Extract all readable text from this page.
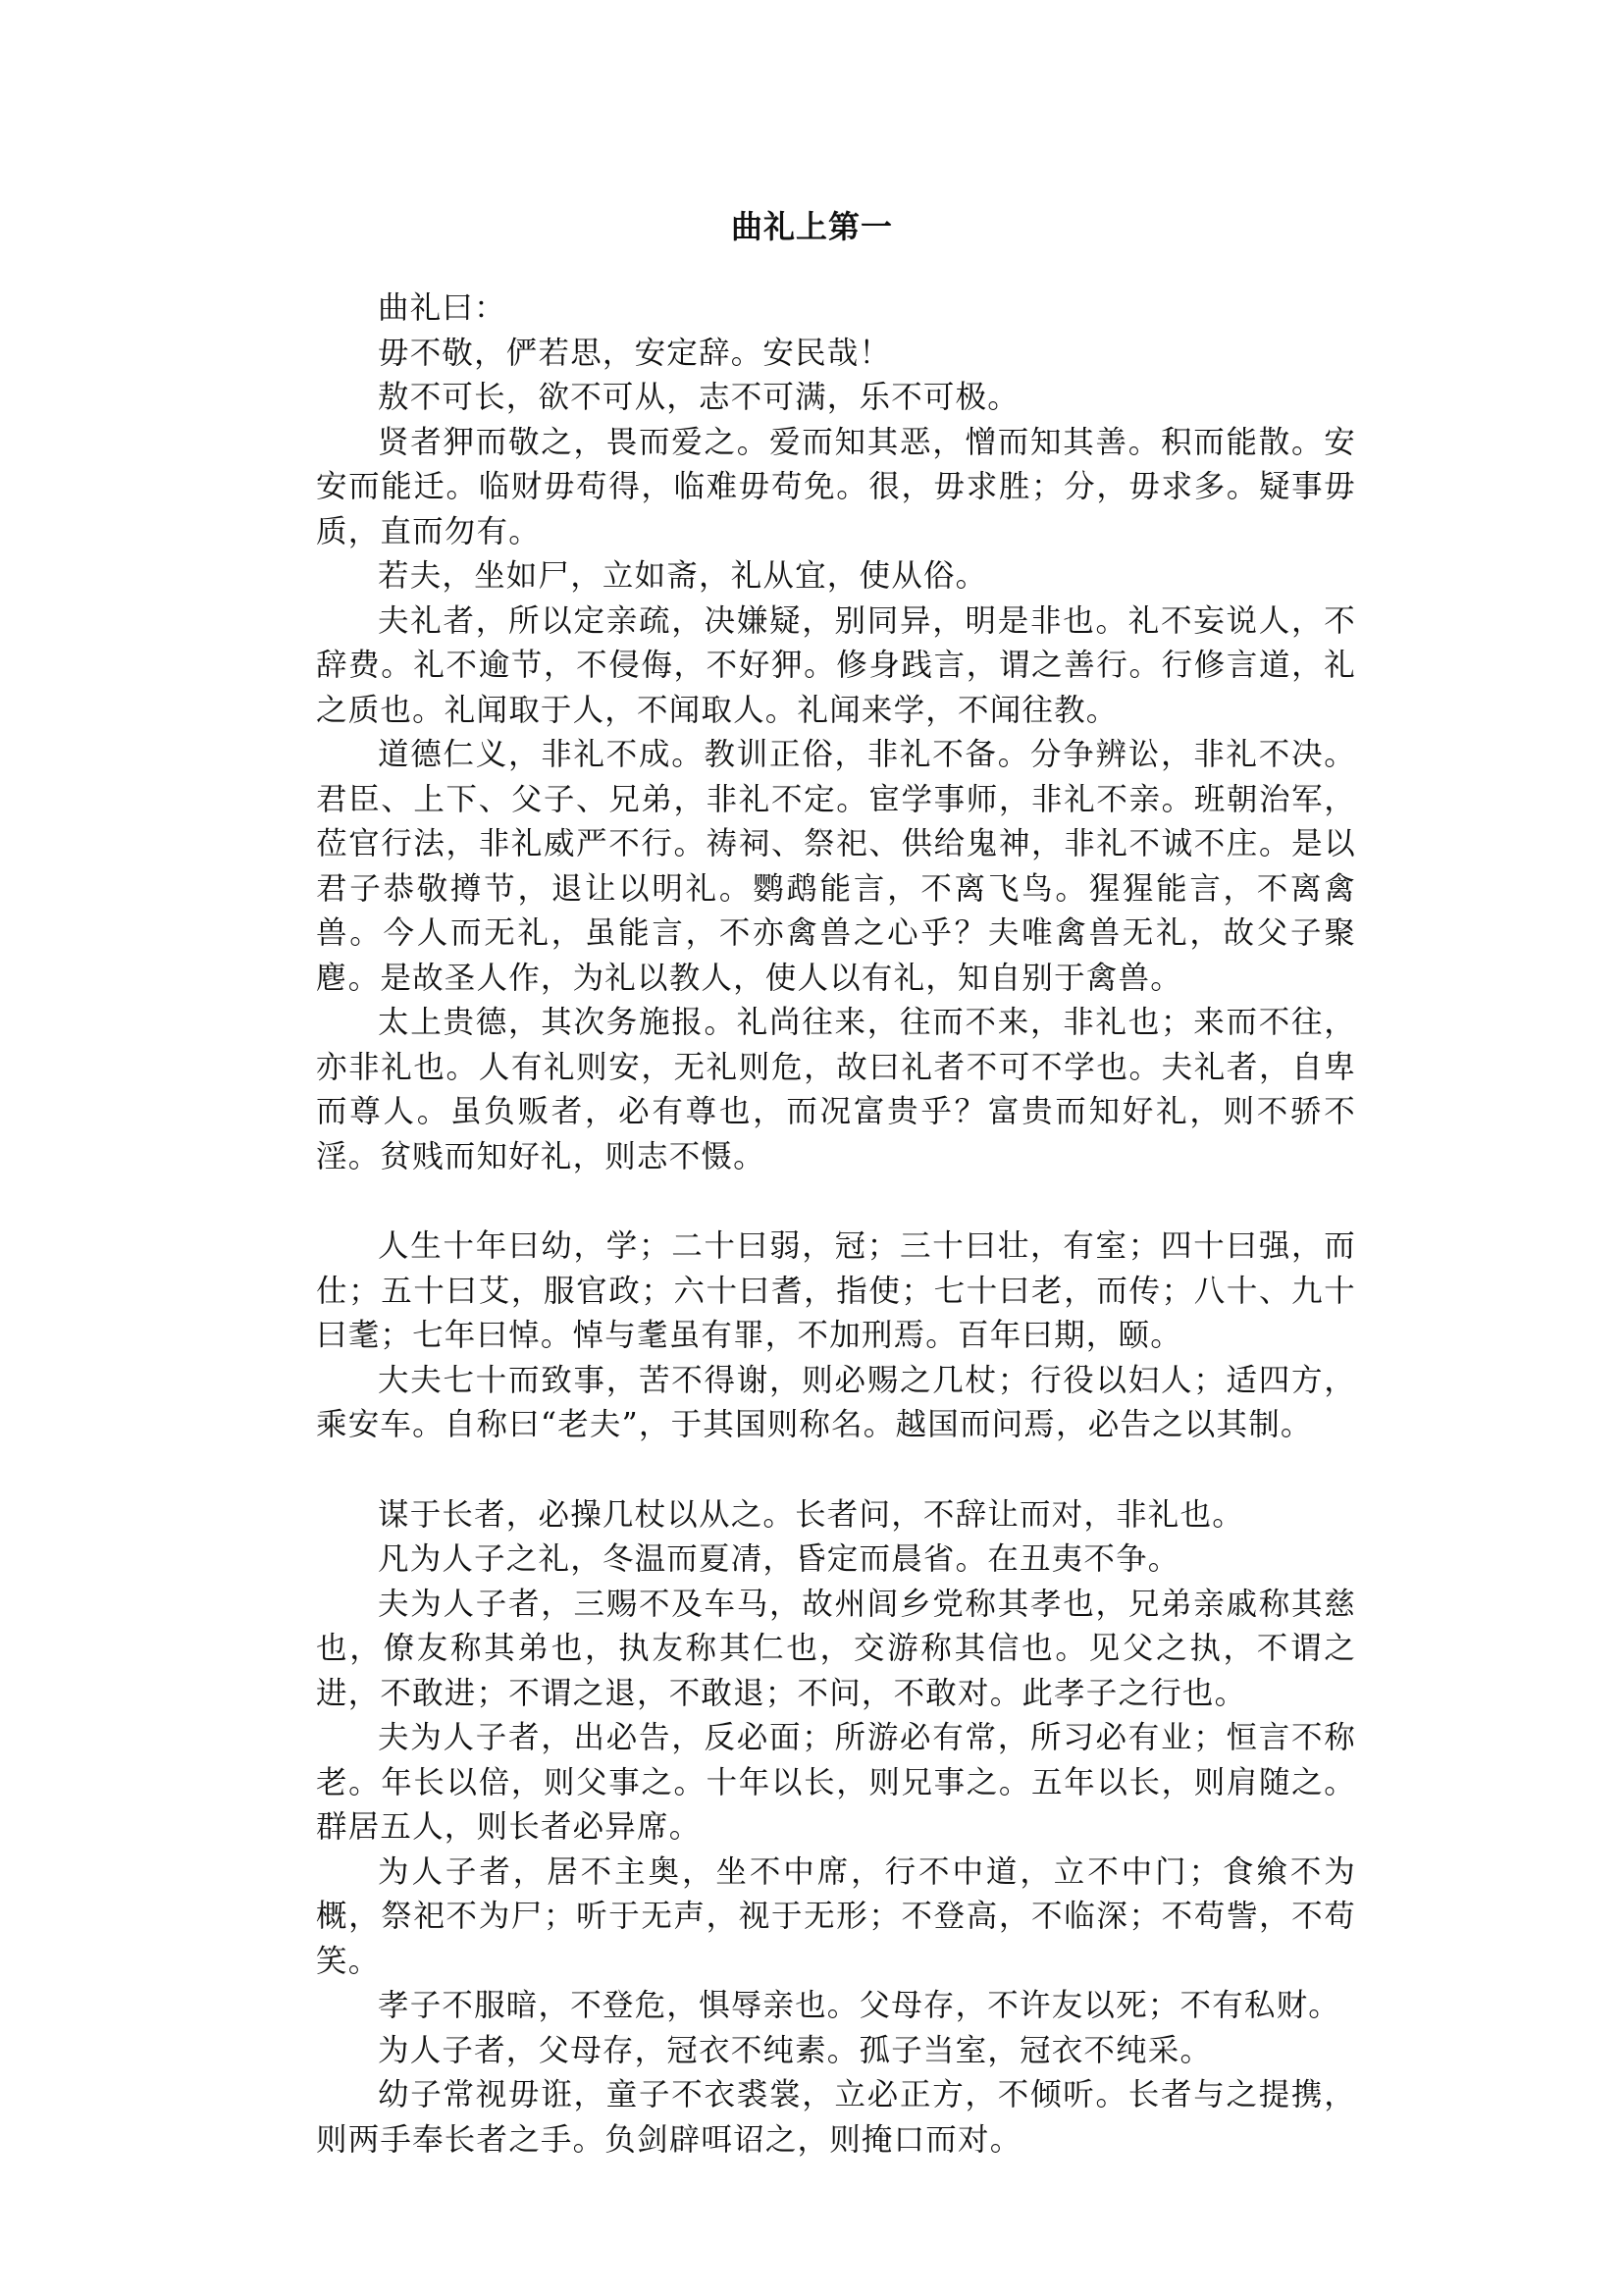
曲礼上第一

曲礼曰：

毋不敬，俨若思，安定辞。安民哉！

敖不可长，欲不可从，志不可满，乐不可极。

贤者狎而敬之，畏而爱之。爱而知其恶，憎而知其善。积而能散。安安而能迁。临财毋苟得，临难毋苟免。很，毋求胜；分，毋求多。疑事毋质，直而勿有。

若夫，坐如尸，立如斋，礼从宜，使从俗。

夫礼者，所以定亲疏，决嫌疑，别同异，明是非也。礼不妄说人，不辞费。礼不逾节，不侵侮，不好狎。修身践言，谓之善行。行修言道，礼之质也。礼闻取于人，不闻取人。礼闻来学，不闻往教。

道德仁义，非礼不成。教训正俗，非礼不备。分争辨讼，非礼不决。君臣、上下、父子、兄弟，非礼不定。宦学事师，非礼不亲。班朝治军，莅官行法，非礼威严不行。祷祠、祭祀、供给鬼神，非礼不诚不庄。是以君子恭敬撙节，退让以明礼。鹦鹉能言，不离飞鸟。猩猩能言，不离禽兽。今人而无礼，虽能言，不亦禽兽之心乎？夫唯禽兽无礼，故父子聚麀。是故圣人作，为礼以教人，使人以有礼，知自别于禽兽。

太上贵德，其次务施报。礼尚往来，往而不来，非礼也；来而不往，亦非礼也。人有礼则安，无礼则危，故曰礼者不可不学也。夫礼者，自卑而尊人。虽负贩者，必有尊也，而况富贵乎？富贵而知好礼，则不骄不淫。贫贱而知好礼，则志不慑。

人生十年曰幼，学；二十曰弱，冠；三十曰壮，有室；四十曰强，而仕；五十曰艾，服官政；六十曰耆，指使；七十曰老，而传；八十、九十曰耄；七年曰悼。悼与耄虽有罪，不加刑焉。百年曰期，颐。

大夫七十而致事，苦不得谢，则必赐之几杖；行役以妇人；适四方，乘安车。自称曰“老夫”，于其国则称名。越国而问焉，必告之以其制。

谋于长者，必操几杖以从之。长者问，不辞让而对，非礼也。

凡为人子之礼，冬温而夏凊，昏定而晨省。在丑夷不争。

夫为人子者，三赐不及车马，故州闾乡党称其孝也，兄弟亲戚称其慈也，僚友称其弟也，执友称其仁也，交游称其信也。见父之执，不谓之进，不敢进；不谓之退，不敢退；不问，不敢对。此孝子之行也。

夫为人子者，出必告，反必面；所游必有常，所习必有业；恒言不称老。年长以倍，则父事之。十年以长，则兄事之。五年以长，则肩随之。群居五人，则长者必异席。

为人子者，居不主奥，坐不中席，行不中道，立不中门；食飨不为概，祭祀不为尸；听于无声，视于无形；不登高，不临深；不苟訾，不苟笑。

孝子不服暗，不登危，惧辱亲也。父母存，不许友以死；不有私财。

为人子者，父母存，冠衣不纯素。孤子当室，冠衣不纯采。

幼子常视毋诳，童子不衣裘裳，立必正方，不倾听。长者与之提携，则两手奉长者之手。负剑辟咡诏之，则掩口而对。
